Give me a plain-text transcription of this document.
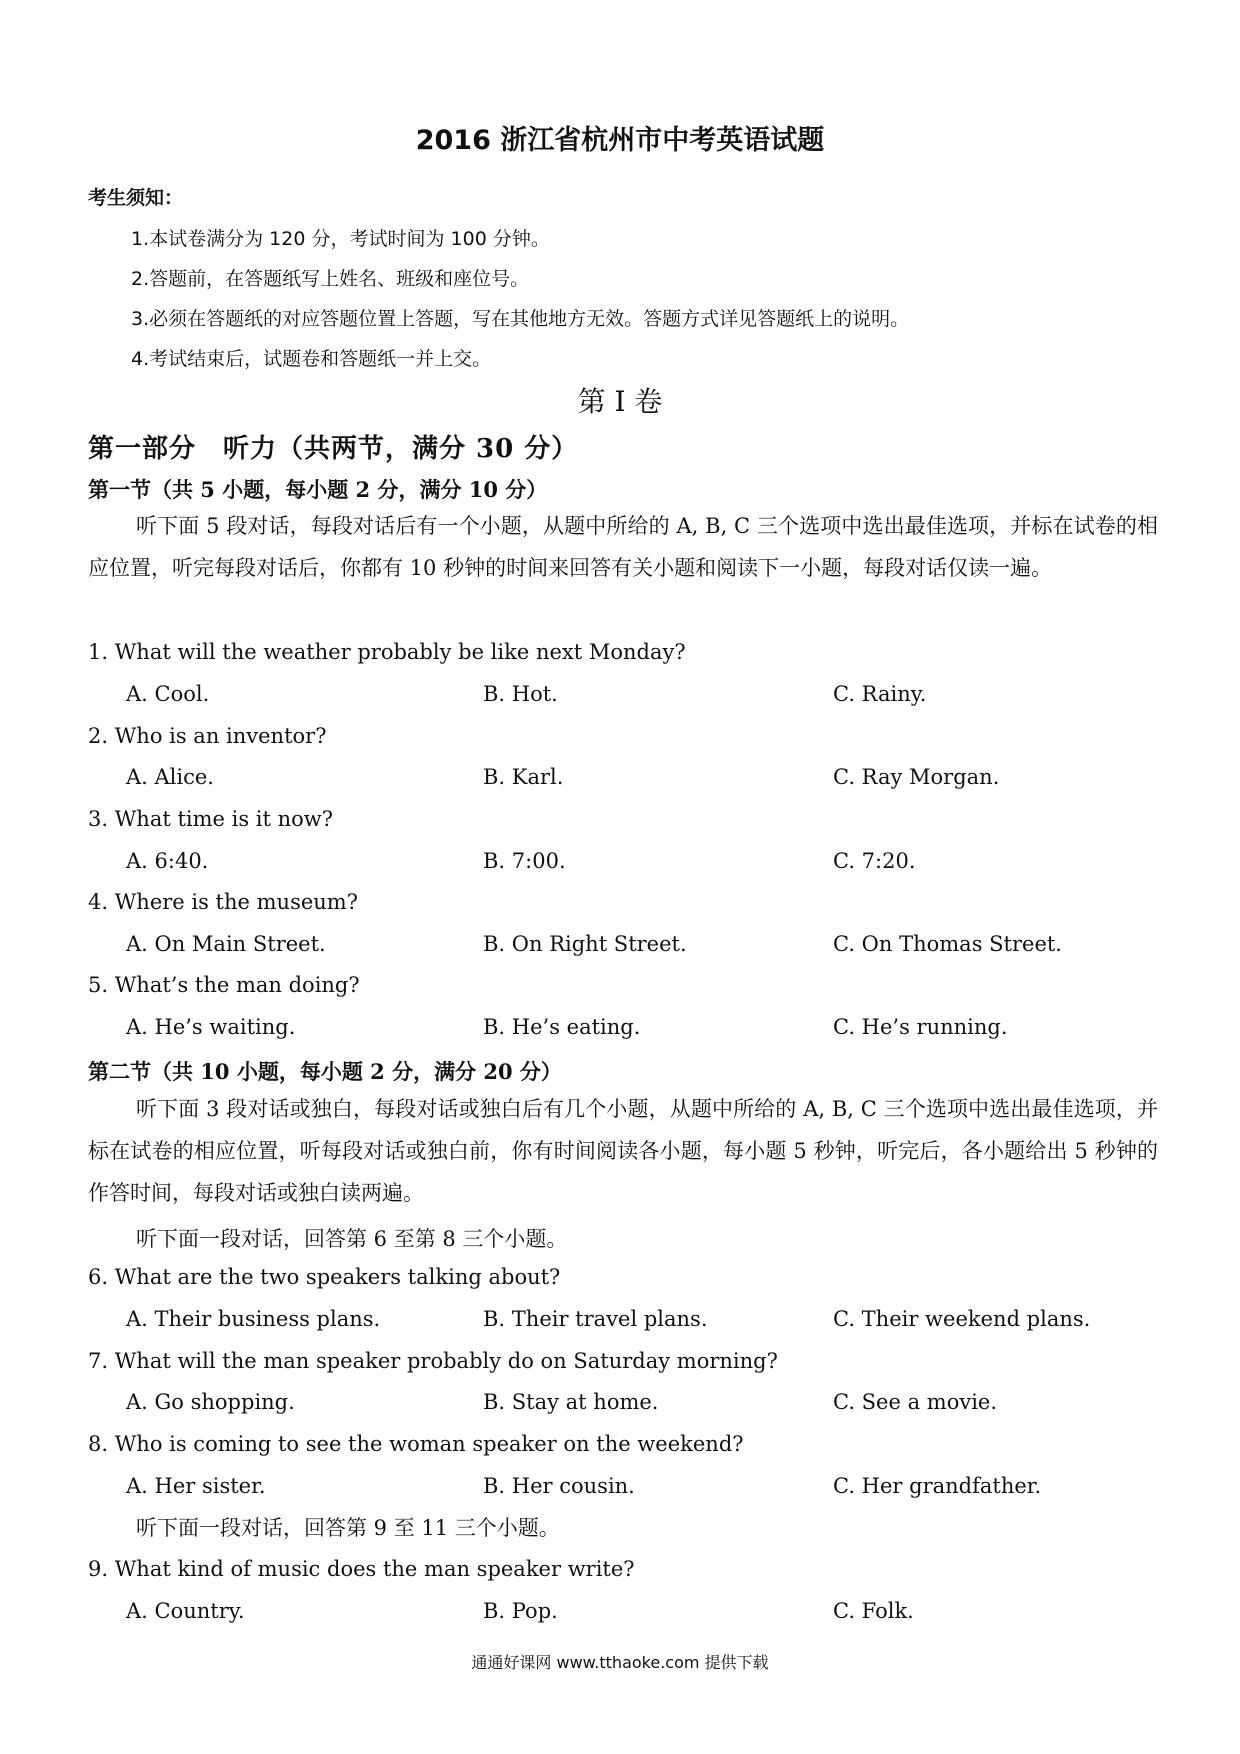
2016 浙江省杭州市中考英语试题
考生须知：
1.本试卷满分为 120 分，考试时间为 100 分钟。
2.答题前，在答题纸写上姓名、班级和座位号。
3.必须在答题纸的对应答题位置上答题，写在其他地方无效。答题方式详见答题纸上的说明。
4.考试结束后，试题卷和答题纸一并上交。
第 I 卷
第一部分　听力（共两节，满分 30 分）
第一节（共 5 小题，每小题 2 分，满分 10 分）
听下面 5 段对话，每段对话后有一个小题，从题中所给的 A, B, C 三个选项中选出最佳选项，并标在试卷的相应位置，听完每段对话后，你都有 10 秒钟的时间来回答有关小题和阅读下一小题，每段对话仅读一遍。
1. What will the weather probably be like next Monday?
A. Cool.	B. Hot.	C. Rainy.
2. Who is an inventor?
A. Alice.	B. Karl.	C. Ray Morgan.
3. What time is it now?
A. 6:40.	B. 7:00.	C. 7:20.
4. Where is the museum?
A. On Main Street.	B. On Right Street.	C. On Thomas Street.
5. What’s the man doing?
A. He’s waiting.	B. He’s eating.	C. He’s running.
第二节（共 10 小题，每小题 2 分，满分 20 分）
听下面 3 段对话或独白，每段对话或独白后有几个小题，从题中所给的 A, B, C 三个选项中选出最佳选项，并标在试卷的相应位置，听每段对话或独白前，你有时间阅读各小题，每小题 5 秒钟，听完后，各小题给出 5 秒钟的作答时间，每段对话或独白读两遍。
听下面一段对话，回答第 6 至第 8 三个小题。
6. What are the two speakers talking about?
A. Their business plans.	B. Their travel plans.	C. Their weekend plans.
7. What will the man speaker probably do on Saturday morning?
A. Go shopping.	B. Stay at home.	C. See a movie.
8. Who is coming to see the woman speaker on the weekend?
A. Her sister.	B. Her cousin.	C. Her grandfather.
听下面一段对话，回答第 9 至 11 三个小题。
9. What kind of music does the man speaker write?
A. Country.	B. Pop.	C. Folk.
通通好课网 www.tthaoke.com 提供下载
